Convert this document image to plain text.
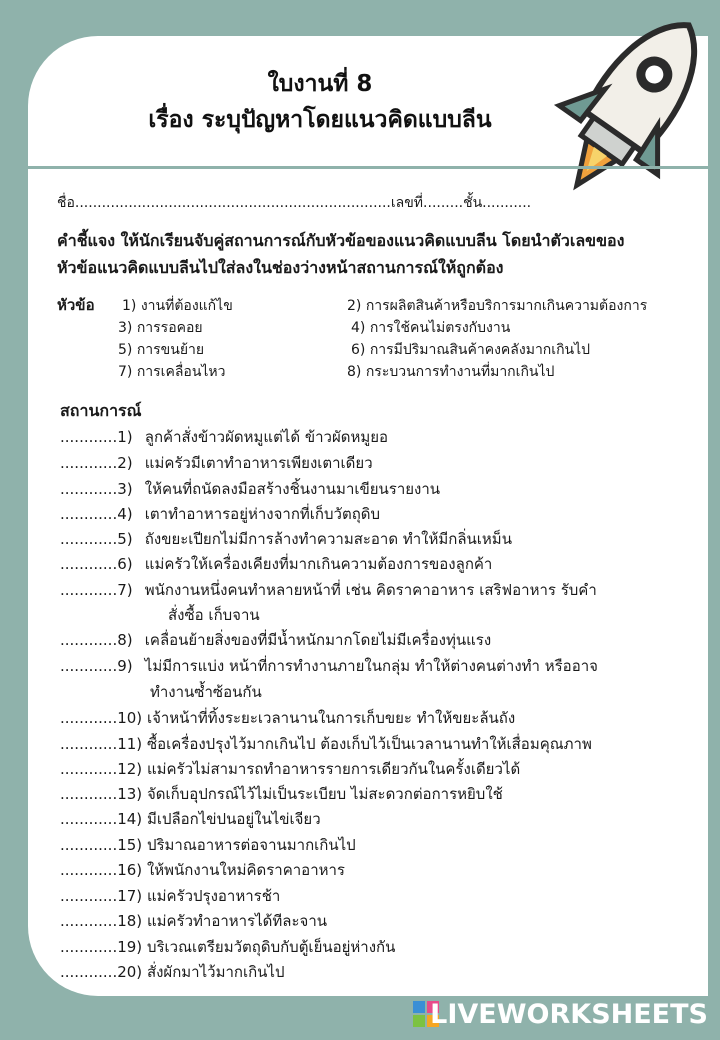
ใบงานที่ 8
เรื่อง ระบุปัญหาโดยแนวคิดแบบลีน
ชื่อ.......................................................................เลขที่.........ชั้น...........
คำชี้แจง ให้นักเรียนจับคู่สถานการณ์กับหัวข้อของแนวคิดแบบลีน โดยนำตัวเลขของ
หัวข้อแนวคิดแบบลีนไปใส่ลงในช่องว่างหน้าสถานการณ์ให้ถูกต้อง
หัวข้อ 1) งานที่ต้องแก้ไข	2) การผลิตสินค้าหรือบริการมากเกินความต้องการ
3) การรอคอย	4) การใช้คนไม่ตรงกับงาน
5) การขนย้าย	6) การมีปริมาณสินค้าคงคลังมากเกินไป
7) การเคลื่อนไหว	8) กระบวนการทำงานที่มากเกินไป
สถานการณ์
............1) ลูกค้าสั่งข้าวผัดหมูแต่ได้ ข้าวผัดหมูยอ
............2) แม่ครัวมีเตาทำอาหารเพียงเตาเดียว
............3) ให้คนที่ถนัดลงมือสร้างชิ้นงานมาเขียนรายงาน
............4) เตาทำอาหารอยู่ห่างจากที่เก็บวัตถุดิบ
............5) ถังขยะเปียกไม่มีการล้างทำความสะอาด ทำให้มีกลิ่นเหม็น
............6) แม่ครัวให้เครื่องเคียงที่มากเกินความต้องการของลูกค้า
............7) พนักงานหนึ่งคนทำหลายหน้าที่ เช่น คิดราคาอาหาร เสริฟอาหาร รับคำ
สั่งซื้อ เก็บจาน
............8) เคลื่อนย้ายสิ่งของที่มีน้ำหนักมากโดยไม่มีเครื่องทุ่นแรง
............9) ไม่มีการแบ่ง หน้าที่การทำงานภายในกลุ่ม ทำให้ต่างคนต่างทำ หรืออาจ
ทำงานซ้ำซ้อนกัน
............10) เจ้าหน้าที่ทิ้งระยะเวลานานในการเก็บขยะ ทำให้ขยะล้นถัง
............11) ซื้อเครื่องปรุงไว้มากเกินไป ต้องเก็บไว้เป็นเวลานานทำให้เสื่อมคุณภาพ
............12) แม่ครัวไม่สามารถทำอาหารรายการเดียวกันในครั้งเดียวได้
............13) จัดเก็บอุปกรณ์ไว้ไม่เป็นระเบียบ ไม่สะดวกต่อการหยิบใช้
............14) มีเปลือกไข่ปนอยู่ในไข่เจียว
............15) ปริมาณอาหารต่อจานมากเกินไป
............16) ให้พนักงานใหม่คิดราคาอาหาร
............17) แม่ครัวปรุงอาหารช้า
............18) แม่ครัวทำอาหารได้ทีละจาน
............19) บริเวณเตรียมวัตถุดิบกับตู้เย็นอยู่ห่างกัน
............20) สั่งผักมาไว้มากเกินไป
LIVEWORKSHEETS
